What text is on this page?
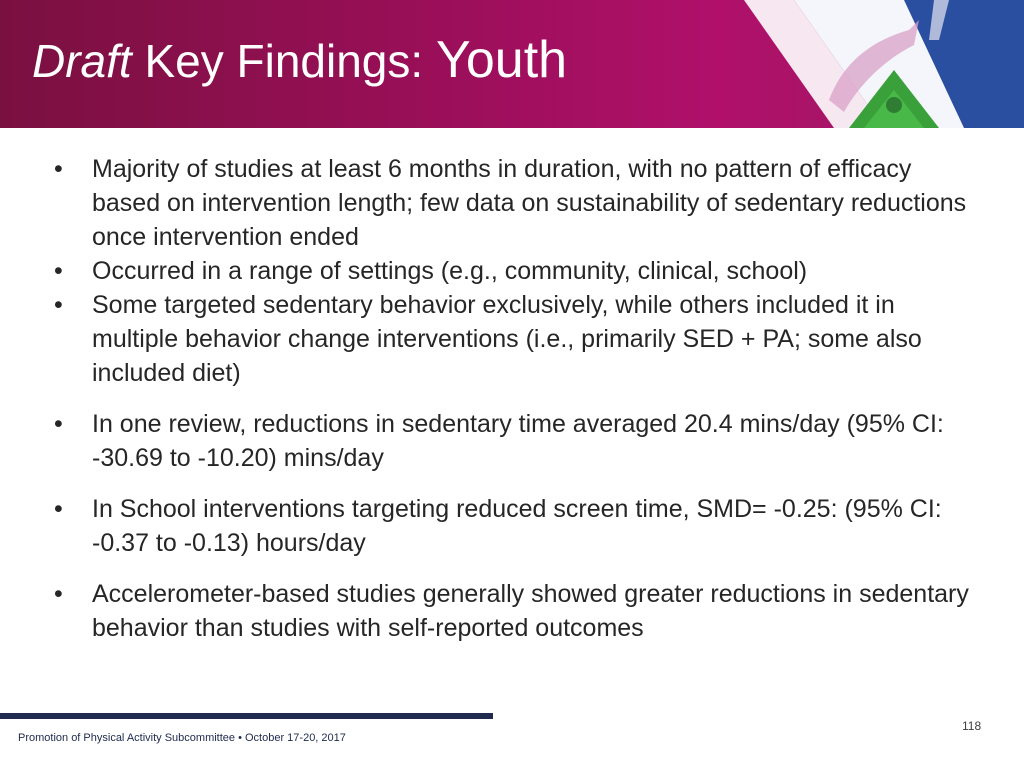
Draft Key Findings: Youth
• Majority of studies at least 6 months in duration, with no pattern of efficacy based on intervention length; few data on sustainability of sedentary reductions once intervention ended
• Occurred in a range of settings (e.g., community, clinical, school)
• Some targeted sedentary behavior exclusively, while others included it in multiple behavior change interventions (i.e., primarily SED + PA; some also included diet)
• In one review, reductions in sedentary time averaged 20.4 mins/day (95% CI: -30.69 to -10.20) mins/day
• In School interventions targeting reduced screen time, SMD= -0.25: (95% CI: -0.37 to -0.13) hours/day
• Accelerometer-based studies generally showed greater reductions in sedentary behavior than studies with self-reported outcomes
Promotion of Physical Activity Subcommittee • October 17-20, 2017
118
